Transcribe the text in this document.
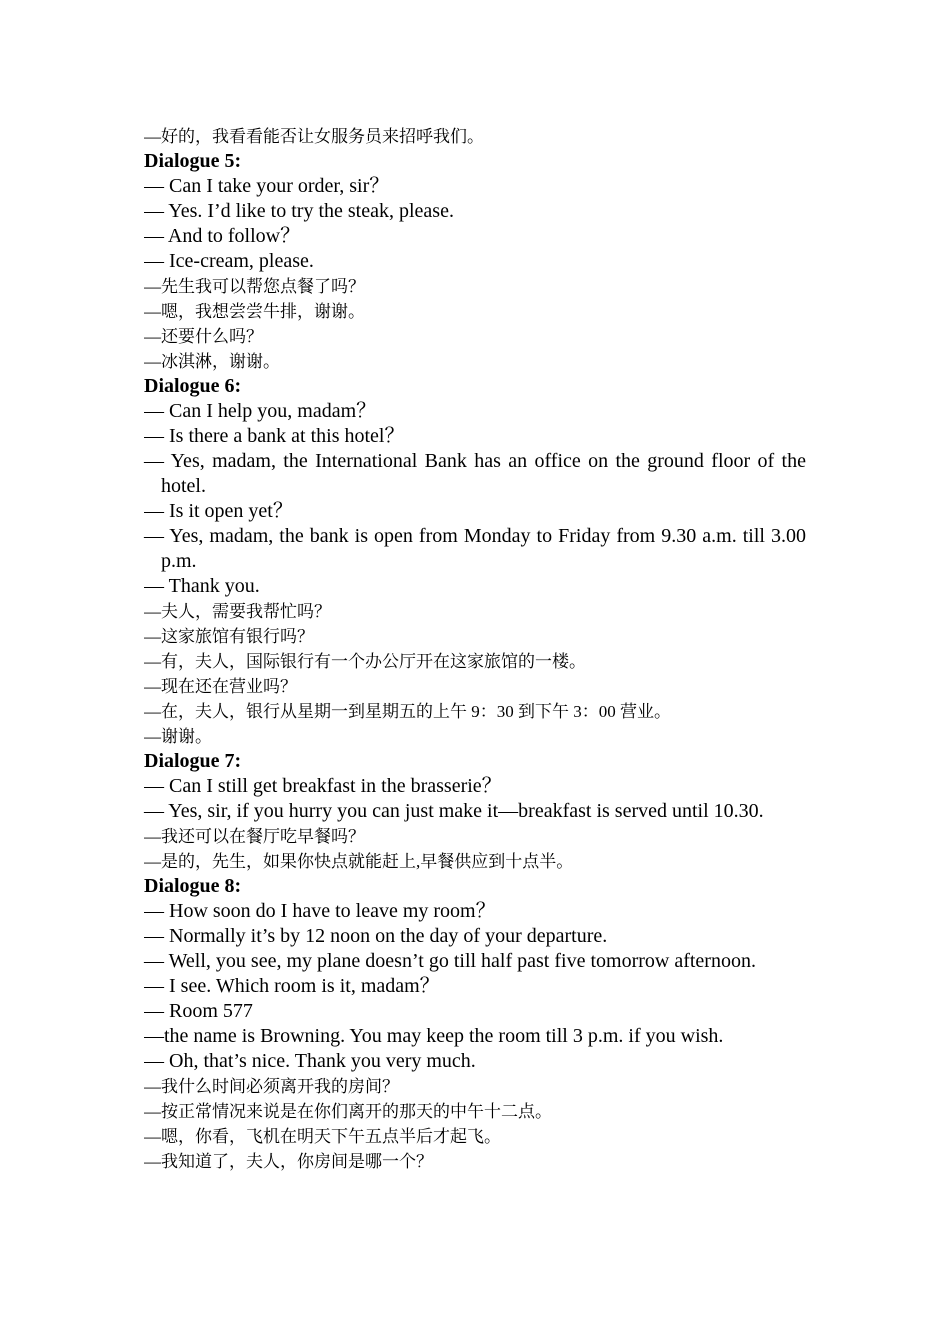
—好的，我看看能否让女服务员来招呼我们。
Dialogue 5:
— Can I take your order, sir？
— Yes. I’d like to try the steak, please.
— And to follow？
— Ice-cream, please.
—先生我可以帮您点餐了吗？
—嗯，我想尝尝牛排，谢谢。
—还要什么吗？
—冰淇淋，谢谢。
Dialogue 6:
— Can I help you, madam？
— Is there a bank at this hotel？
— Yes, madam, the International Bank has an office on the ground floor of the hotel.
— Is it open yet？
— Yes, madam, the bank is open from Monday to Friday from 9.30 a.m. till 3.00 p.m.
— Thank you.
—夫人，需要我帮忙吗？
—这家旅馆有银行吗？
—有，夫人，国际银行有一个办公厅开在这家旅馆的一楼。
—现在还在营业吗？
—在，夫人，银行从星期一到星期五的上午 9：30 到下午 3：00 营业。
—谢谢。
Dialogue 7:
— Can I still get breakfast in the brasserie？
— Yes, sir, if you hurry you can just make it—breakfast is served until 10.30.
—我还可以在餐厅吃早餐吗？
—是的，先生，如果你快点就能赶上,早餐供应到十点半。
Dialogue 8:
— How soon do I have to leave my room？
— Normally it’s by 12 noon on the day of your departure.
— Well, you see, my plane doesn’t go till half past five tomorrow afternoon.
— I see. Which room is it, madam？
— Room 577
—the name is Browning. You may keep the room till 3 p.m. if you wish.
— Oh, that’s nice. Thank you very much.
—我什么时间必须离开我的房间？
—按正常情况来说是在你们离开的那天的中午十二点。
—嗯，你看，飞机在明天下午五点半后才起飞。
—我知道了，夫人，你房间是哪一个？
